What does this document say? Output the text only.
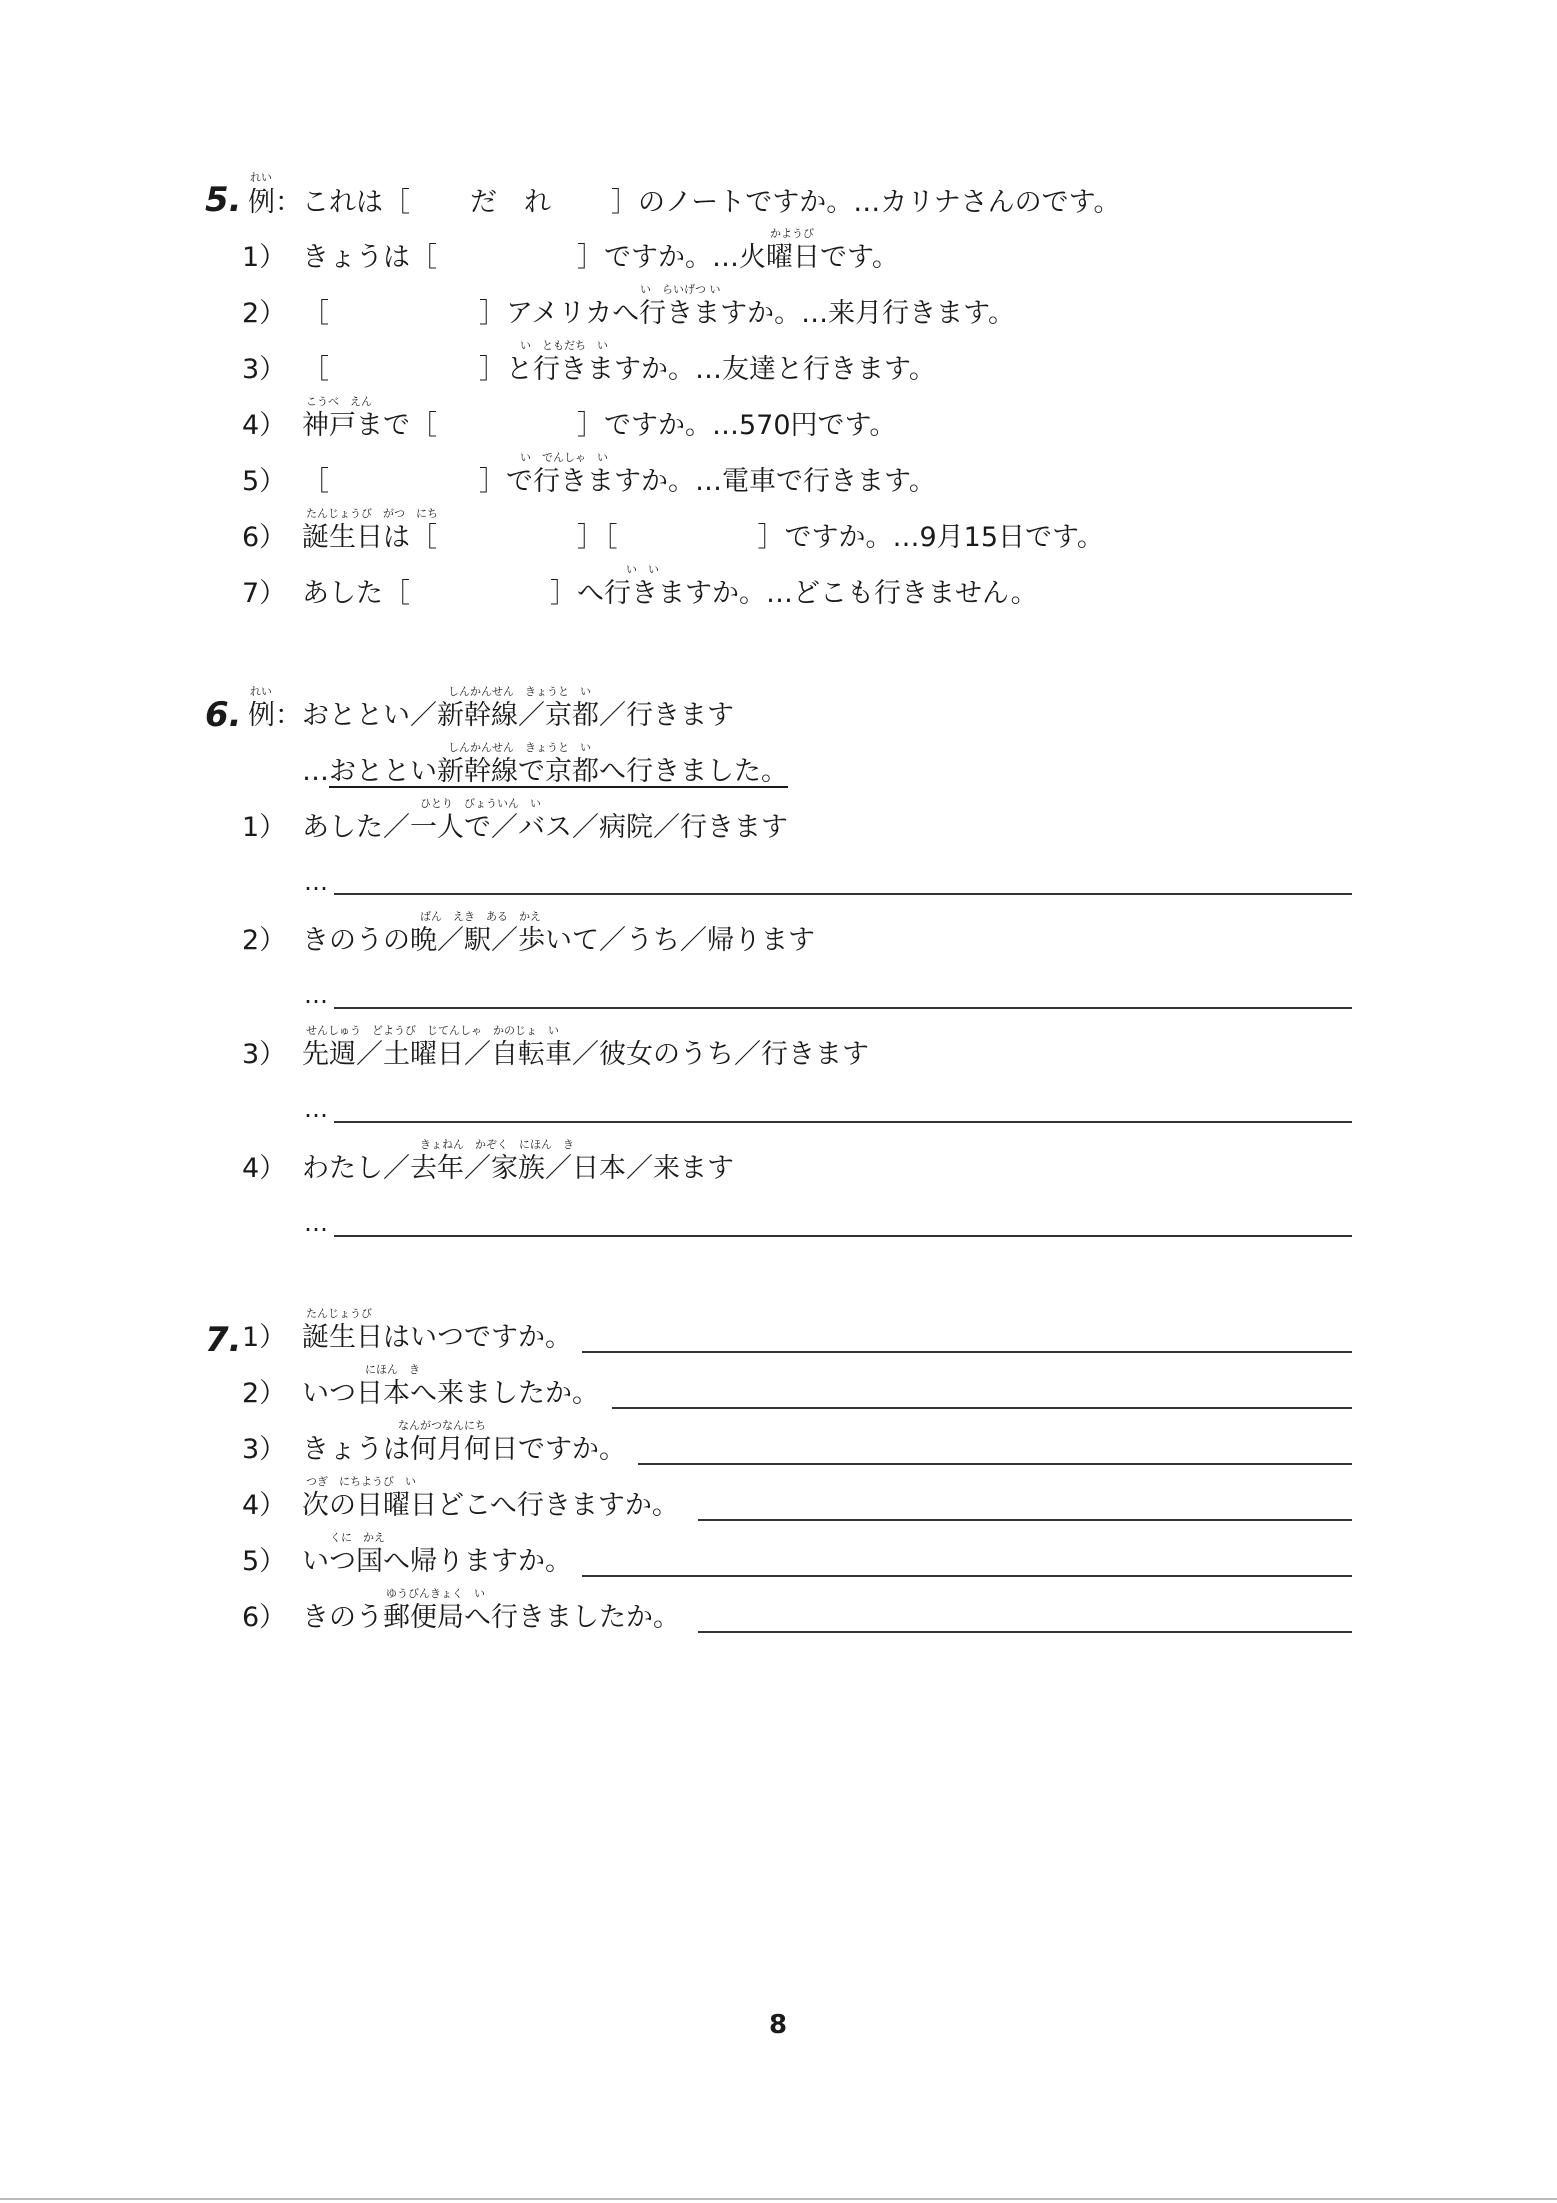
5.
れい
例：これは［ だ　れ ］のノートですか。…カリナさんのです。
かようび
1） きょうは［	］ですか。…火曜日です。
い　らいげつ い
2） ［	］アメリカへ行きますか。…来月行きます。
い　ともだち　い
3） ［	］と行きますか。…友達と行きます。
こうべ　えん
4） 神戸まで［	］ですか。…570円です。
い　でんしゃ　い
5） ［	］で行きますか。…電車で行きます。
たんじょうび　がつ　にち
6） 誕生日は［	］［	］ですか。…9月15日です。
い　い
7） あした［	］へ行きますか。…どこも行きません。
6.
れい	しんかんせん　きょうと　い
例：おととい／新幹線／京都／行きます
しんかんせん　きょうと　い
…おととい新幹線で京都へ行きました。
ひとり　びょういん　い
1） あした／一人で／バス／病院／行きます
…
ばん　えき　ある　かえ
2） きのうの晩／駅／歩いて／うち／帰ります
…
せんしゅう　どようび　じてんしゃ　かのじょ　い
3） 先週／土曜日／自転車／彼女のうち／行きます
…
きょねん　かぞく　にほん　き
4） わたし／去年／家族／日本／来ます
…
7.
たんじょうび
1） 誕生日はいつですか。
にほん　き
2） いつ日本へ来ましたか。
なんがつなんにち
3） きょうは何月何日ですか。
つぎ　にちようび　い
4） 次の日曜日どこへ行きますか。
くに　かえ
5） いつ国へ帰りますか。
ゆうびんきょく　い
6） きのう郵便局へ行きましたか。
8
